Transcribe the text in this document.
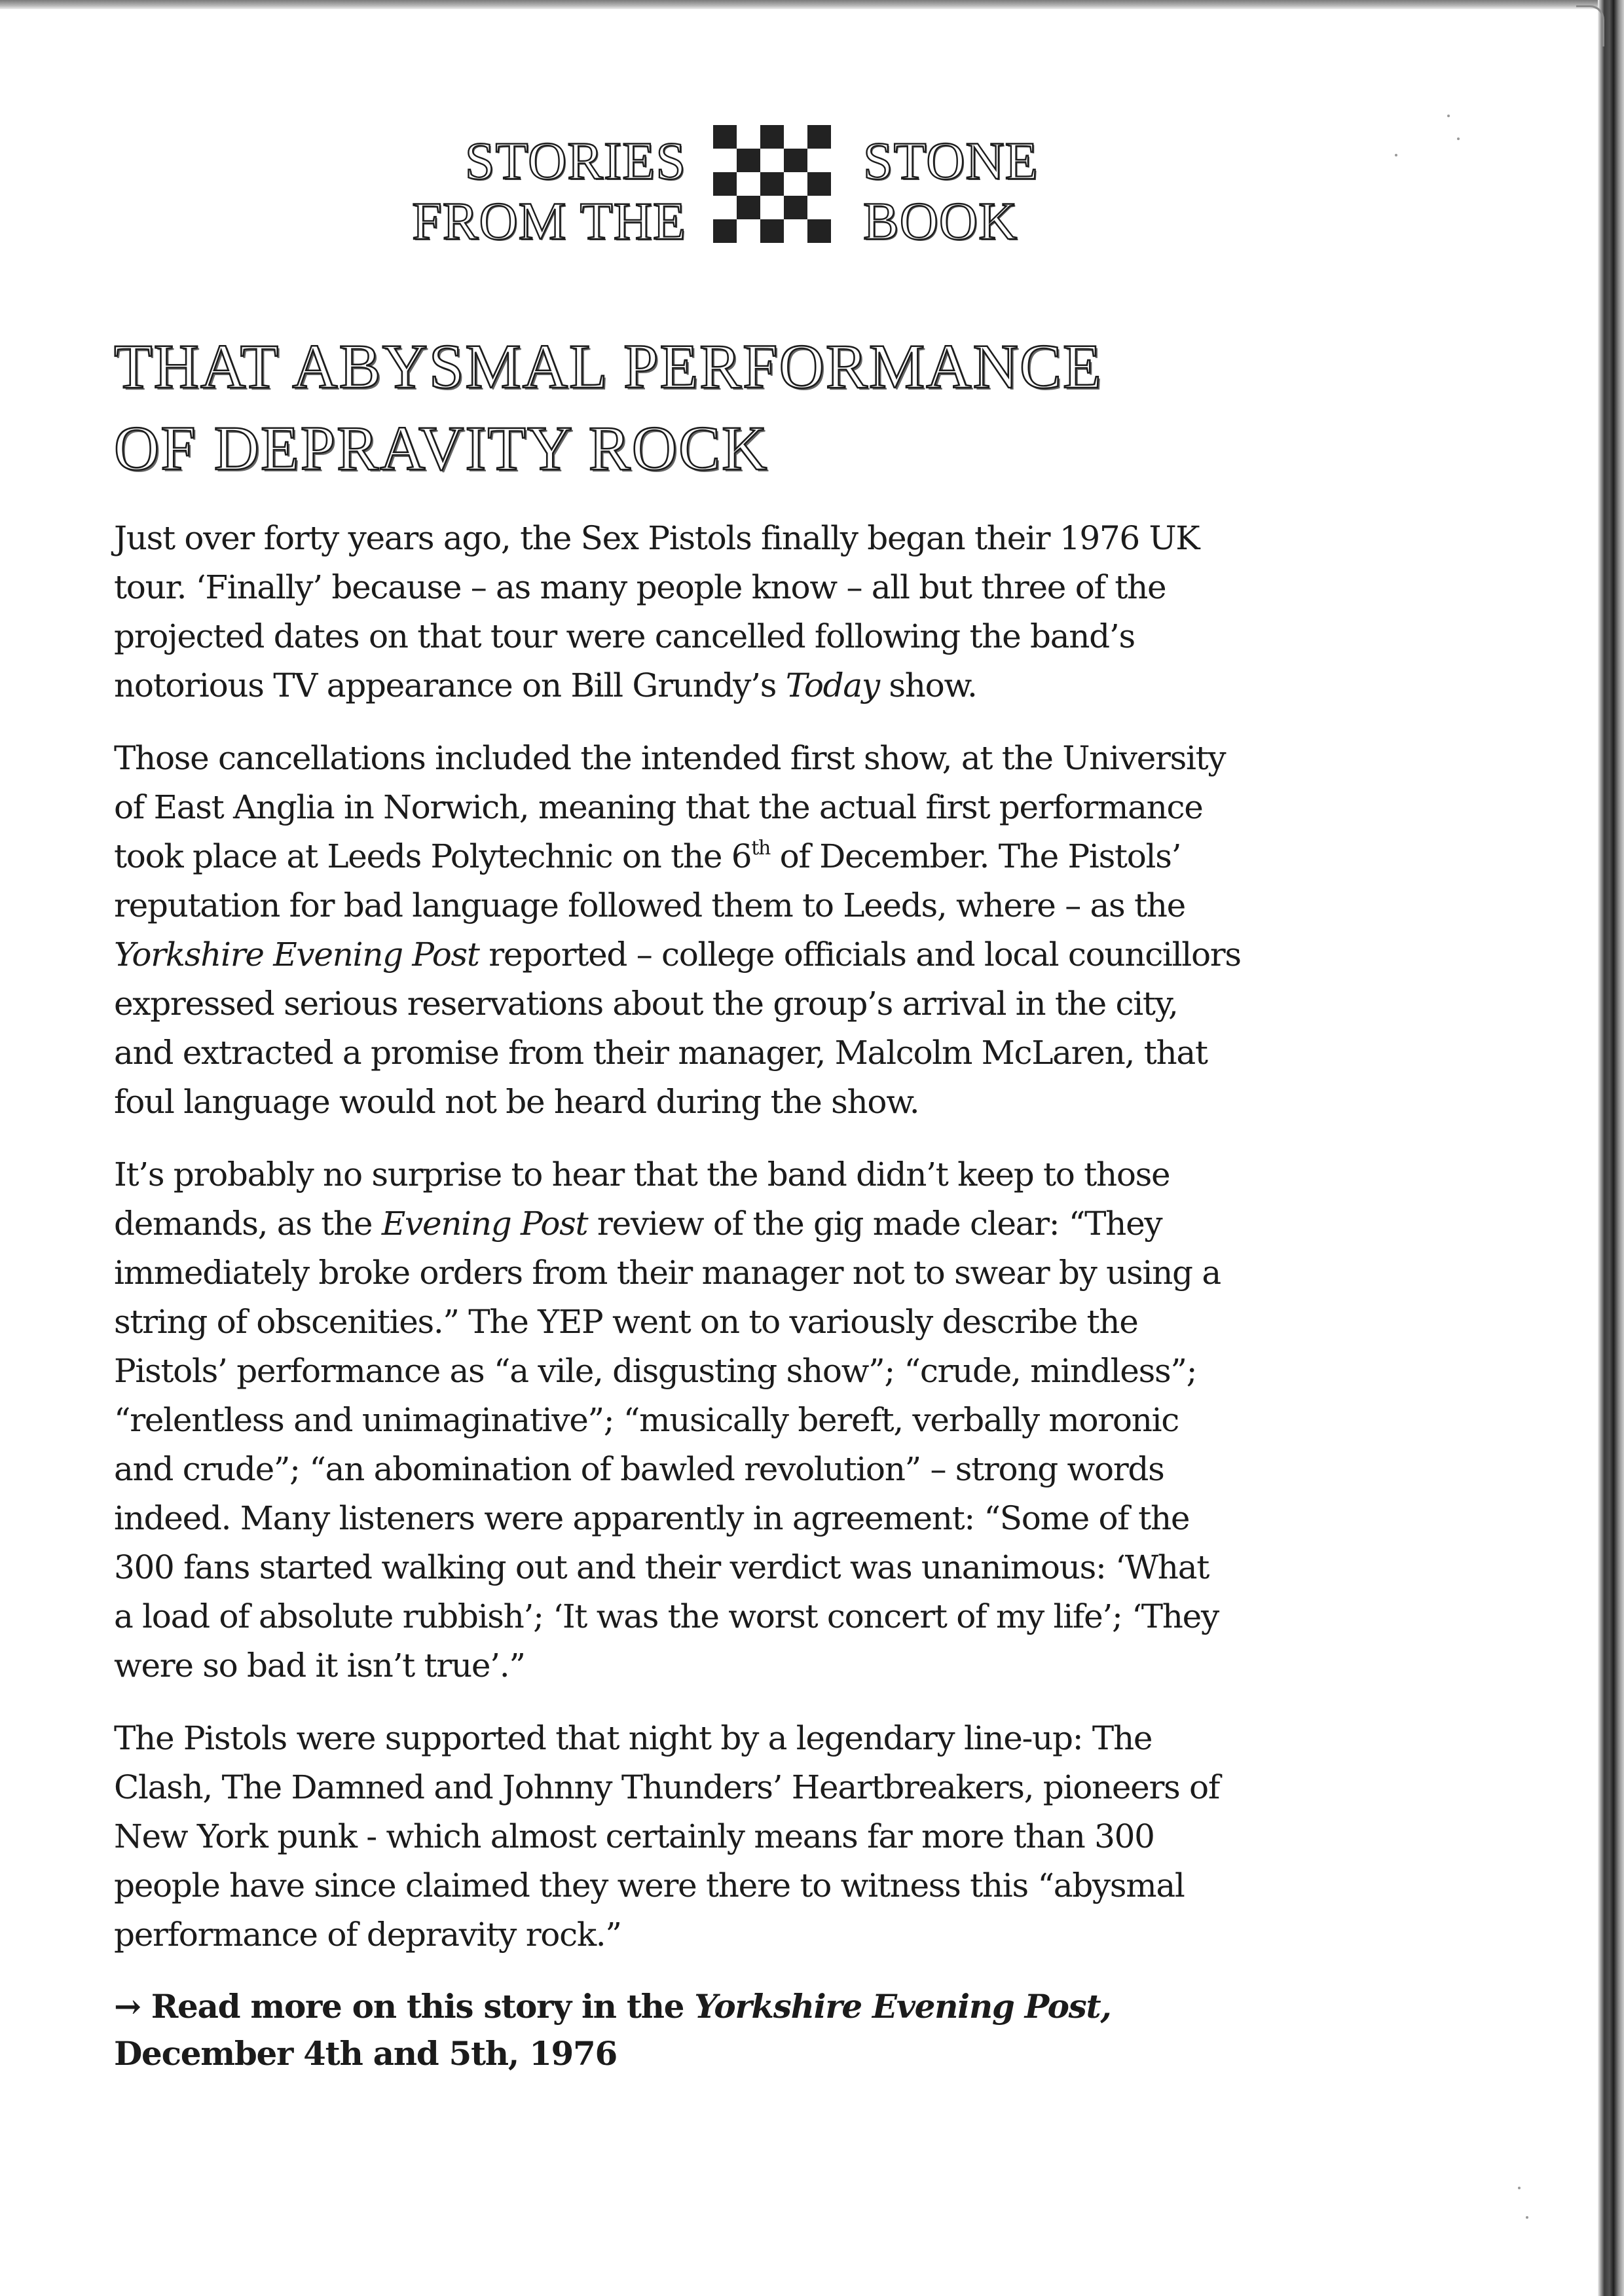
STORIES
FROM THE
STONE
BOOK
THAT ABYSMAL PERFORMANCE
OF DEPRAVITY ROCK

Just over forty years ago, the Sex Pistols finally began their 1976 UK
tour. ‘Finally’ because – as many people know – all but three of the
projected dates on that tour were cancelled following the band’s
notorious TV appearance on Bill Grundy’s Today show.

Those cancellations included the intended first show, at the University
of East Anglia in Norwich, meaning that the actual first performance
took place at Leeds Polytechnic on the 6th of December. The Pistols’
reputation for bad language followed them to Leeds, where – as the
Yorkshire Evening Post reported – college officials and local councillors
expressed serious reservations about the group’s arrival in the city,
and extracted a promise from their manager, Malcolm McLaren, that
foul language would not be heard during the show.

It’s probably no surprise to hear that the band didn’t keep to those
demands, as the Evening Post review of the gig made clear: “They
immediately broke orders from their manager not to swear by using a
string of obscenities.” The YEP went on to variously describe the
Pistols’ performance as “a vile, disgusting show”; “crude, mindless”;
“relentless and unimaginative”; “musically bereft, verbally moronic
and crude”; “an abomination of bawled revolution” – strong words
indeed. Many listeners were apparently in agreement: “Some of the
300 fans started walking out and their verdict was unanimous: ‘What
a load of absolute rubbish’; ‘It was the worst concert of my life’; ‘They
were so bad it isn’t true’.”

The Pistols were supported that night by a legendary line-up: The
Clash, The Damned and Johnny Thunders’ Heartbreakers, pioneers of
New York punk - which almost certainly means far more than 300
people have since claimed they were there to witness this “abysmal
performance of depravity rock.”

→ Read more on this story in the Yorkshire Evening Post,
December 4th and 5th, 1976
